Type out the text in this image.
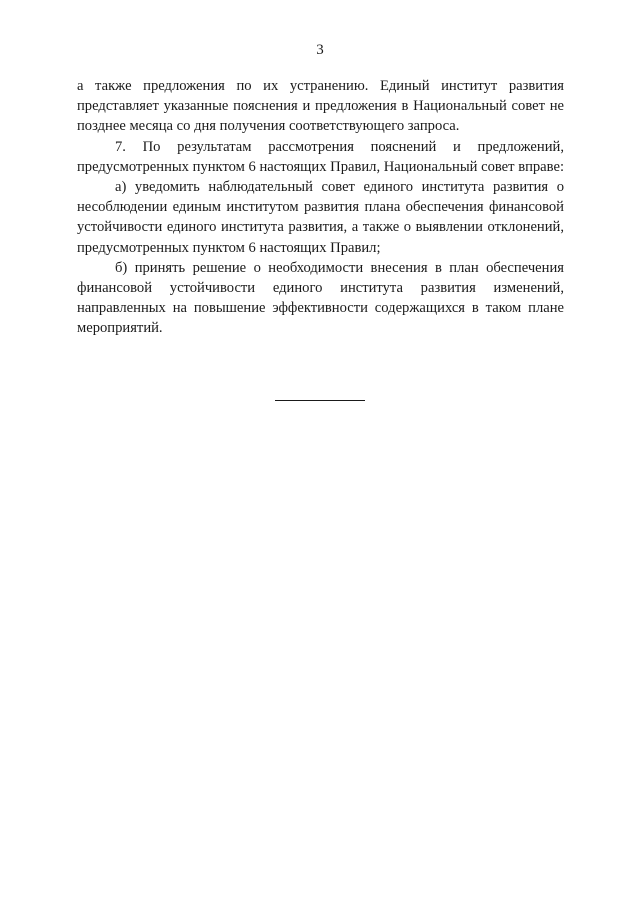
3

а также предложения по их устранению. Единый институт развития представляет указанные пояснения и предложения в Национальный совет не позднее месяца со дня получения соответствующего запроса.

7. По результатам рассмотрения пояснений и предложений, предусмотренных пунктом 6 настоящих Правил, Национальный совет вправе:

а) уведомить наблюдательный совет единого института развития о несоблюдении единым институтом развития плана обеспечения финансовой устойчивости единого института развития, а также о выявлении отклонений, предусмотренных пунктом 6 настоящих Правил;

б) принять решение о необходимости внесения в план обеспечения финансовой устойчивости единого института развития изменений, направленных на повышение эффективности содержащихся в таком плане мероприятий.
